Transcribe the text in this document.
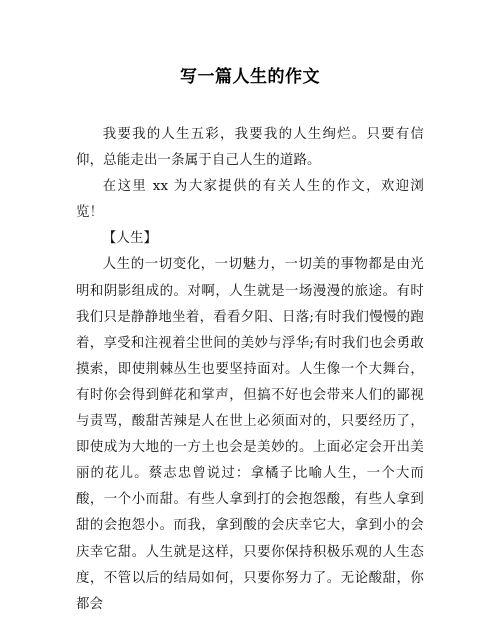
写一篇人生的作文

我要我的人生五彩，我要我的人生绚烂。只要有信仰，总能走出一条属于自己人生的道路。

在这里 xx 为大家提供的有关人生的作文，欢迎浏览！

【人生】

人生的一切变化，一切魅力，一切美的事物都是由光明和阴影组成的。对啊，人生就是一场漫漫的旅途。有时我们只是静静地坐着，看看夕阳、日落;有时我们慢慢的跑着，享受和注视着尘世间的美妙与浮华;有时我们也会勇敢摸索，即使荆棘丛生也要坚持面对。人生像一个大舞台，有时你会得到鲜花和掌声，但搞不好也会带来人们的鄙视与责骂，酸甜苦辣是人在世上必须面对的，只要经历了，即使成为大地的一方土也会是美妙的。上面必定会开出美丽的花儿。蔡志忠曾说过：拿橘子比喻人生，一个大而酸，一个小而甜。有些人拿到打的会抱怨酸，有些人拿到甜的会抱怨小。而我，拿到酸的会庆幸它大，拿到小的会庆幸它甜。人生就是这样，只要你保持积极乐观的人生态度，不管以后的结局如何，只要你努力了。无论酸甜，你都会
